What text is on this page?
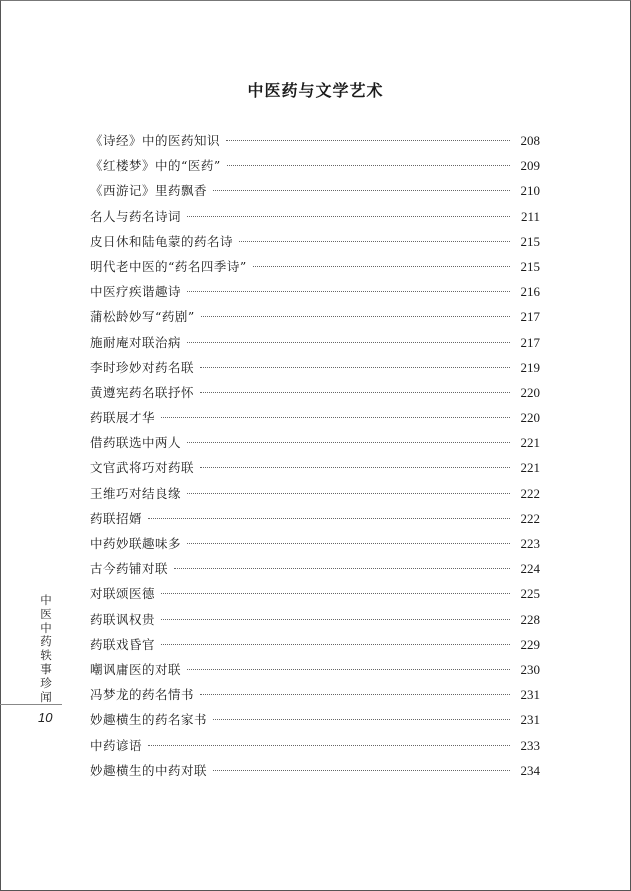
中医药与文学艺术
《诗经》中的医药知识	208
《红楼梦》中的“医药”	209
《西游记》里药飘香	210
名人与药名诗词	211
皮日休和陆龟蒙的药名诗	215
明代老中医的“药名四季诗”	215
中医疗疾谐趣诗	216
蒲松龄妙写“药剧”	217
施耐庵对联治病	217
李时珍妙对药名联	219
黄遵宪药名联抒怀	220
药联展才华	220
借药联选中两人	221
文官武将巧对药联	221
王维巧对结良缘	222
药联招婿	222
中药妙联趣味多	223
古今药铺对联	224
对联颂医德	225
药联讽权贵	228
药联戏昏官	229
嘲讽庸医的对联	230
冯梦龙的药名情书	231
妙趣横生的药名家书	231
中药谚语	233
妙趣横生的中药对联	234
中医中药轶事珍闻
10
